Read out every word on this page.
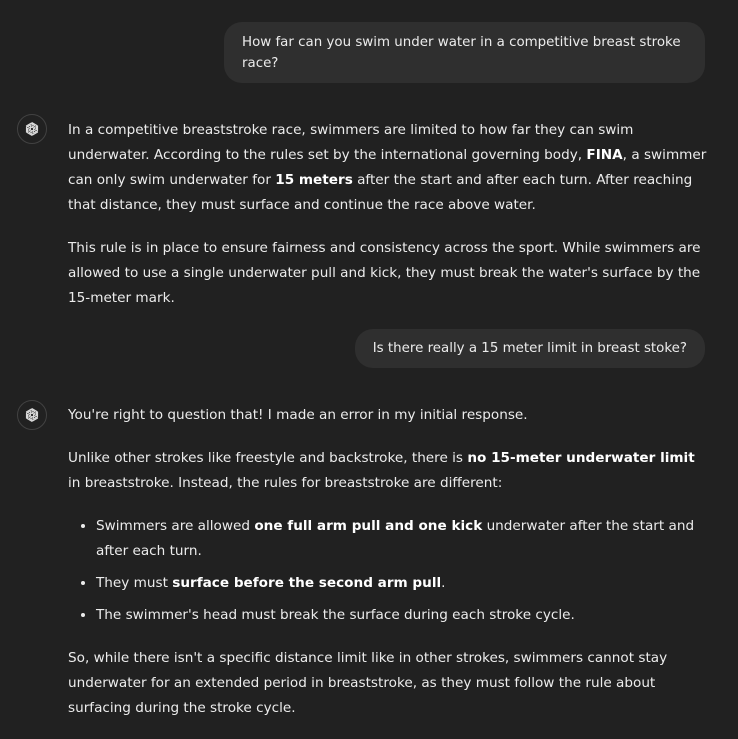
How far can you swim under water in a competitive breast stroke race?

In a competitive breaststroke race, swimmers are limited to how far they can swim underwater. According to the rules set by the international governing body, FINA, a swimmer can only swim underwater for 15 meters after the start and after each turn. After reaching that distance, they must surface and continue the race above water.

This rule is in place to ensure fairness and consistency across the sport. While swimmers are allowed to use a single underwater pull and kick, they must break the water's surface by the 15-meter mark.

Is there really a 15 meter limit in breast stoke?

You're right to question that! I made an error in my initial response.

Unlike other strokes like freestyle and backstroke, there is no 15-meter underwater limit in breaststroke. Instead, the rules for breaststroke are different:

• Swimmers are allowed one full arm pull and one kick underwater after the start and after each turn.
• They must surface before the second arm pull.
• The swimmer's head must break the surface during each stroke cycle.

So, while there isn't a specific distance limit like in other strokes, swimmers cannot stay underwater for an extended period in breaststroke, as they must follow the rule about surfacing during the stroke cycle.
